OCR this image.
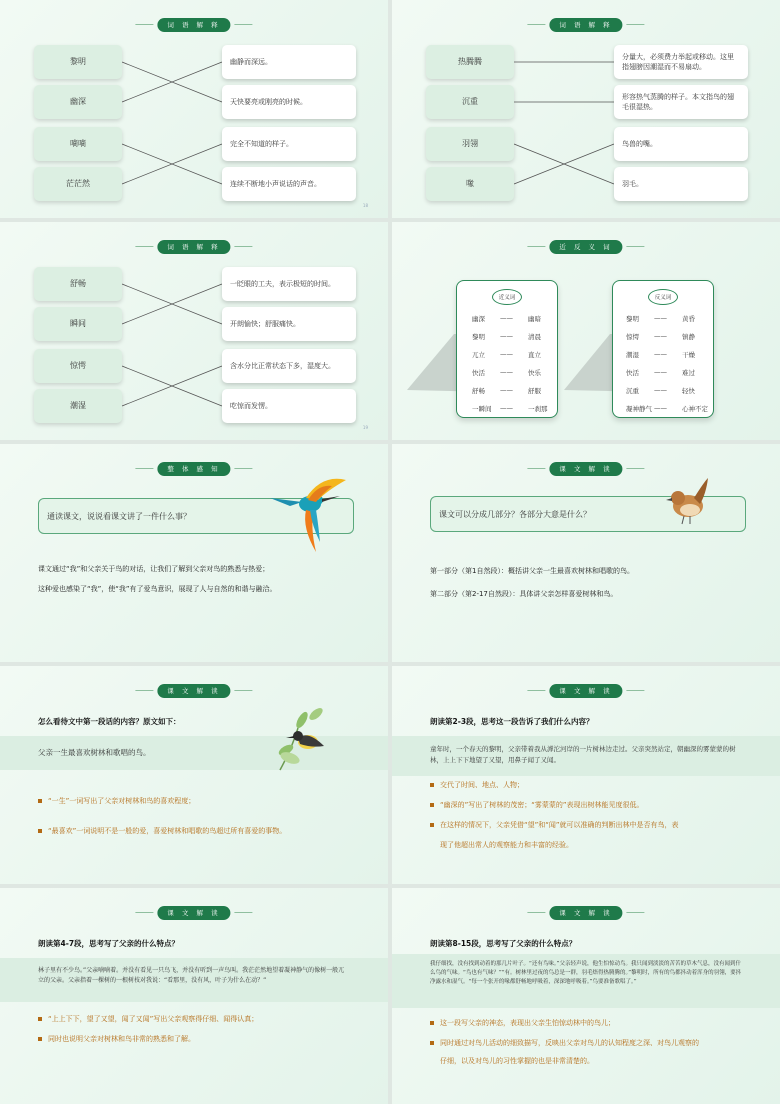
词 语 解 释
黎明
幽深
嘀嘀
茫茫然
幽静而深远。
天快要亮或刚亮的时候。
完全不知道的样子。
连续不断地小声说话的声音。
18
词 语 解 释
热腾腾
沉重
羽翎
喙
分量大，必须费力举起或移动。这里指翅膀因潮湿而不易扇动。
形容热气蒸腾的样子。本文指鸟的翅毛很湿热。
鸟兽的嘴。
羽毛。
词 语 解 释
舒畅
瞬间
惊愕
潮湿
一眨眼的工夫，表示极短的时间。
开朗愉快；舒服痛快。
含水分比正常状态下多，湿度大。
吃惊而发愣。
19
近 反 义 词
近义词	反义词
幽深 —— 幽暗
黎明 —— 清晨
兀立 —— 直立
快活 —— 快乐
舒畅 —— 舒服
一瞬间 —— 一刹那
黎明 —— 黄昏
惊愕 —— 镇静
潮湿 —— 干燥
快活 —— 难过
沉重 —— 轻快
凝神静气 —— 心神不定
整 体 感 知
通读课文，说说看课文讲了一件什么事？
课文通过“我”和父亲关于鸟的对话，让我们了解到父亲对鸟的熟悉与热爱；
这种爱也感染了“我”，使“我”有了爱鸟意识，展现了人与自然的和谐与融洽。
课 文 解 读
课文可以分成几部分？各部分大意是什么？
第一部分（第1自然段）：概括讲父亲一生最喜欢树林和唱歌的鸟。
第二部分（第2-17自然段）：具体讲父亲怎样喜爱树林和鸟。
课 文 解 读
怎么看待文中第一段话的内容？原文如下：
父亲一生最喜欢树林和歌唱的鸟。
“一生”一词写出了父亲对树林和鸟的喜欢程度；
“最喜欢”一词说明不是一般的爱，喜爱树林和唱歌的鸟超过所有喜爱的事物。
课 文 解 读
朗读第2-3段，思考这一段告诉了我们什么内容？
童年时，一个春天的黎明，父亲带着我从滹沱河岸的一片树林边走过。父亲突然站定，朝幽深的雾蒙蒙的树林，上上下下地望了又望，用鼻子闻了又闻。
交代了时间、地点、人物；
“幽深的”写出了树林的茂密；“雾蒙蒙的”表现出树林能见度很低。
在这样的情况下，父亲凭借“望”和“闻”就可以准确的判断出林中是否有鸟，表
现了他超出常人的观察能力和丰富的经验。
课 文 解 读
朗读第4-7段，思考写了父亲的什么特点？
林子里有不少鸟。”父亲喃喃着。并没有看见一只鸟飞，并没有听到一声鸟叫。我茫茫然地望着凝神静气的像树一般兀立的父亲。父亲指着一棵树的一根树枝对我说：“看那里，没有风，叶子为什么在动？”
“上上下下，望了又望，闻了又闻”写出父亲观察得仔细、闻得认真；
同时也说明父亲对树林和鸟非常的熟悉和了解。
课 文 解 读
朗读第8-15段，思考写了父亲的什么特点？
我仔细找，没有找到动着的那几片叶子。“还有鸟味。”父亲轻声说，他生怕惊动鸟。我只闻到淡淡的苦苦的草木气息，没有闻到什么鸟的气味。“鸟也有气味？”“有。树林里过夜的鸟总是一群，羽毛焐得热腾腾的。”黎明时，所有的鸟都抖动着浑身的羽翎，要抖净露水和湿气。“每一个张开的喙都舒畅地呼吸着，深深地呼吸着。”鸟要准备歌唱了。”
这一段写父亲的神态，表现出父亲生怕惊动林中的鸟儿；
同时通过对鸟儿活动的细致描写，反映出父亲对鸟儿的认知程度之深、对鸟儿观察的
仔细，以及对鸟儿的习性掌握的也是非常清楚的。
